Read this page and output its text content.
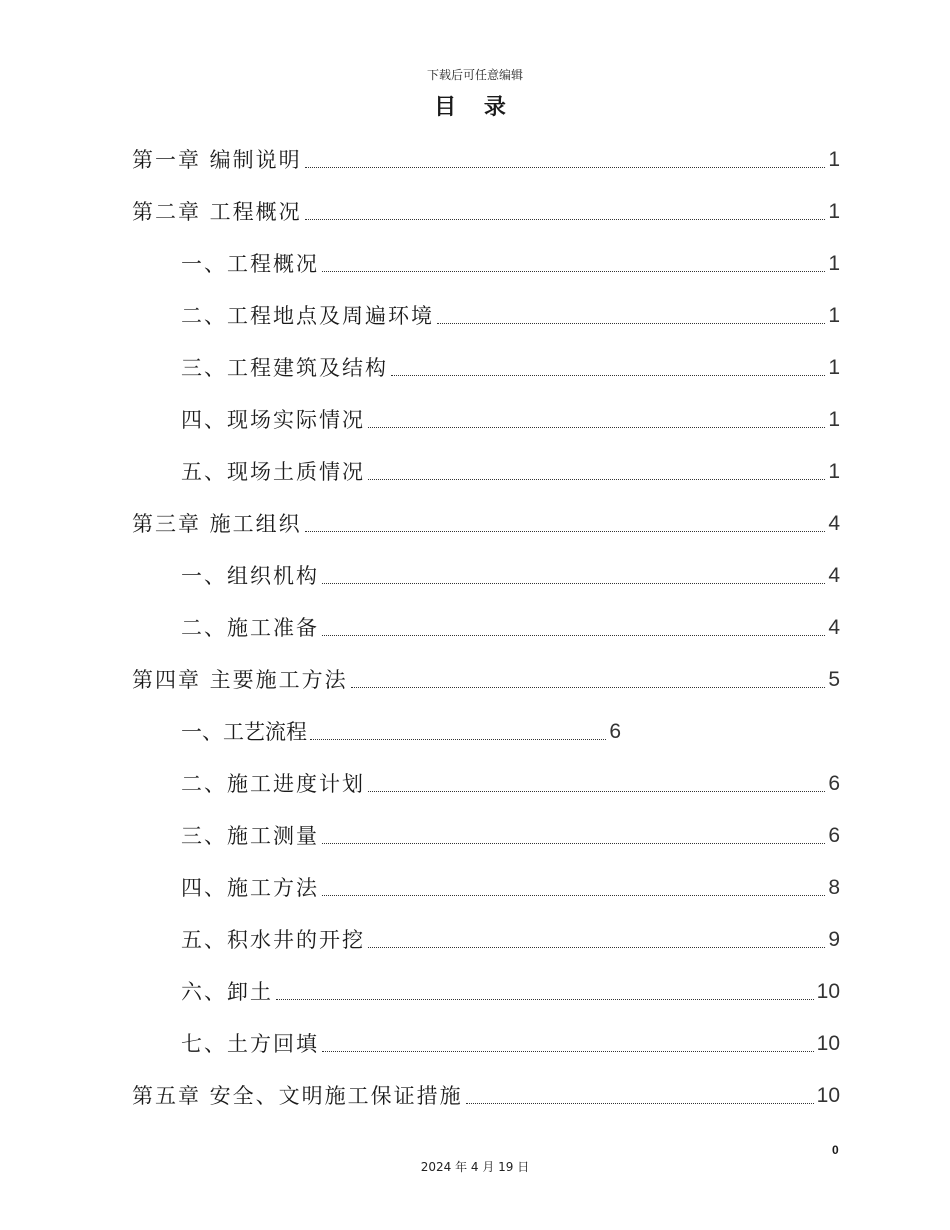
下载后可任意编辑
目 录
第一章 编制说明	1
第二章 工程概况	1
一、工程概况	1
二、工程地点及周遍环境	1
三、工程建筑及结构	1
四、现场实际情况	1
五、现场土质情况	1
第三章 施工组织	4
一、组织机构	4
二、施工准备	4
第四章 主要施工方法	5
一、工艺流程	6
二、施工进度计划	6
三、施工测量	6
四、施工方法	8
五、积水井的开挖	9
六、卸土	10
七、土方回填	10
第五章 安全、文明施工保证措施	10
0
2024 年 4 月 19 日
